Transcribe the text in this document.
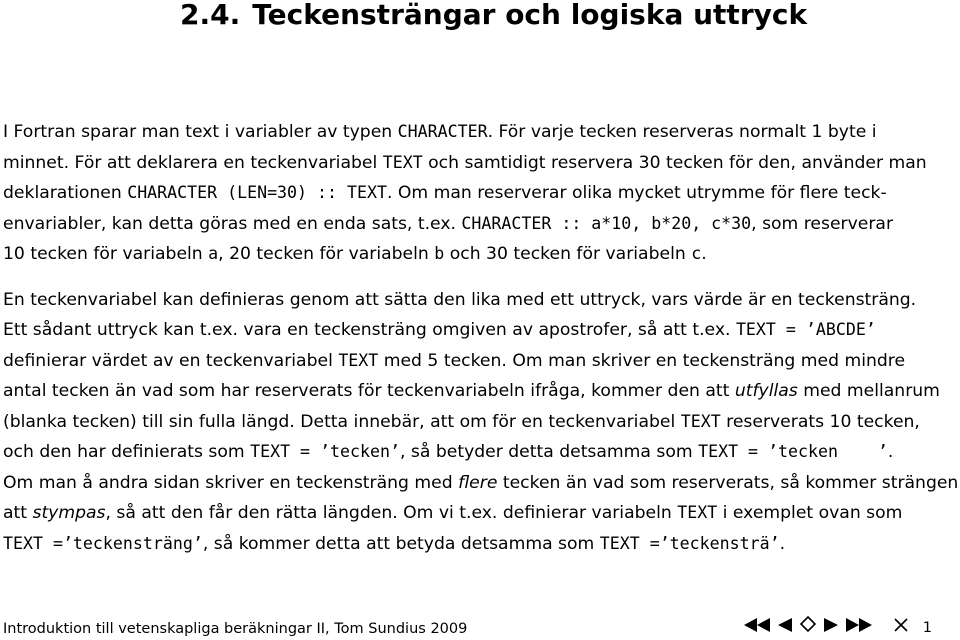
2.4. Teckensträngar och logiska uttryck
I Fortran sparar man text i variabler av typen CHARACTER. För varje tecken reserveras normalt 1 byte i
minnet. För att deklarera en teckenvariabel TEXT och samtidigt reservera 30 tecken för den, använder man
deklarationen CHARACTER (LEN=30) :: TEXT. Om man reserverar olika mycket utrymme för flere teck-
envariabler, kan detta göras med en enda sats, t.ex. CHARACTER :: a*10, b*20, c*30, som reserverar
10 tecken för variabeln a, 20 tecken för variabeln b och 30 tecken för variabeln c.
En teckenvariabel kan definieras genom att sätta den lika med ett uttryck, vars värde är en teckensträng.
Ett sådant uttryck kan t.ex. vara en teckensträng omgiven av apostrofer, så att t.ex. TEXT = ’ABCDE’
definierar värdet av en teckenvariabel TEXT med 5 tecken. Om man skriver en teckensträng med mindre
antal tecken än vad som har reserverats för teckenvariabeln ifråga, kommer den att utfyllas med mellanrum
(blanka tecken) till sin fulla längd. Detta innebär, att om för en teckenvariabel TEXT reserverats 10 tecken,
och den har definierats som TEXT = ’tecken’, så betyder detta detsamma som TEXT = ’tecken    ’.
Om man å andra sidan skriver en teckensträng med flere tecken än vad som reserverats, så kommer strängen
att stympas, så att den får den rätta längden. Om vi t.ex. definierar variabeln TEXT i exemplet ovan som
TEXT =’teckensträng’, så kommer detta att betyda detsamma som TEXT =’teckensträ’.
Introduktion till vetenskapliga beräkningar II, Tom Sundius 2009	1
